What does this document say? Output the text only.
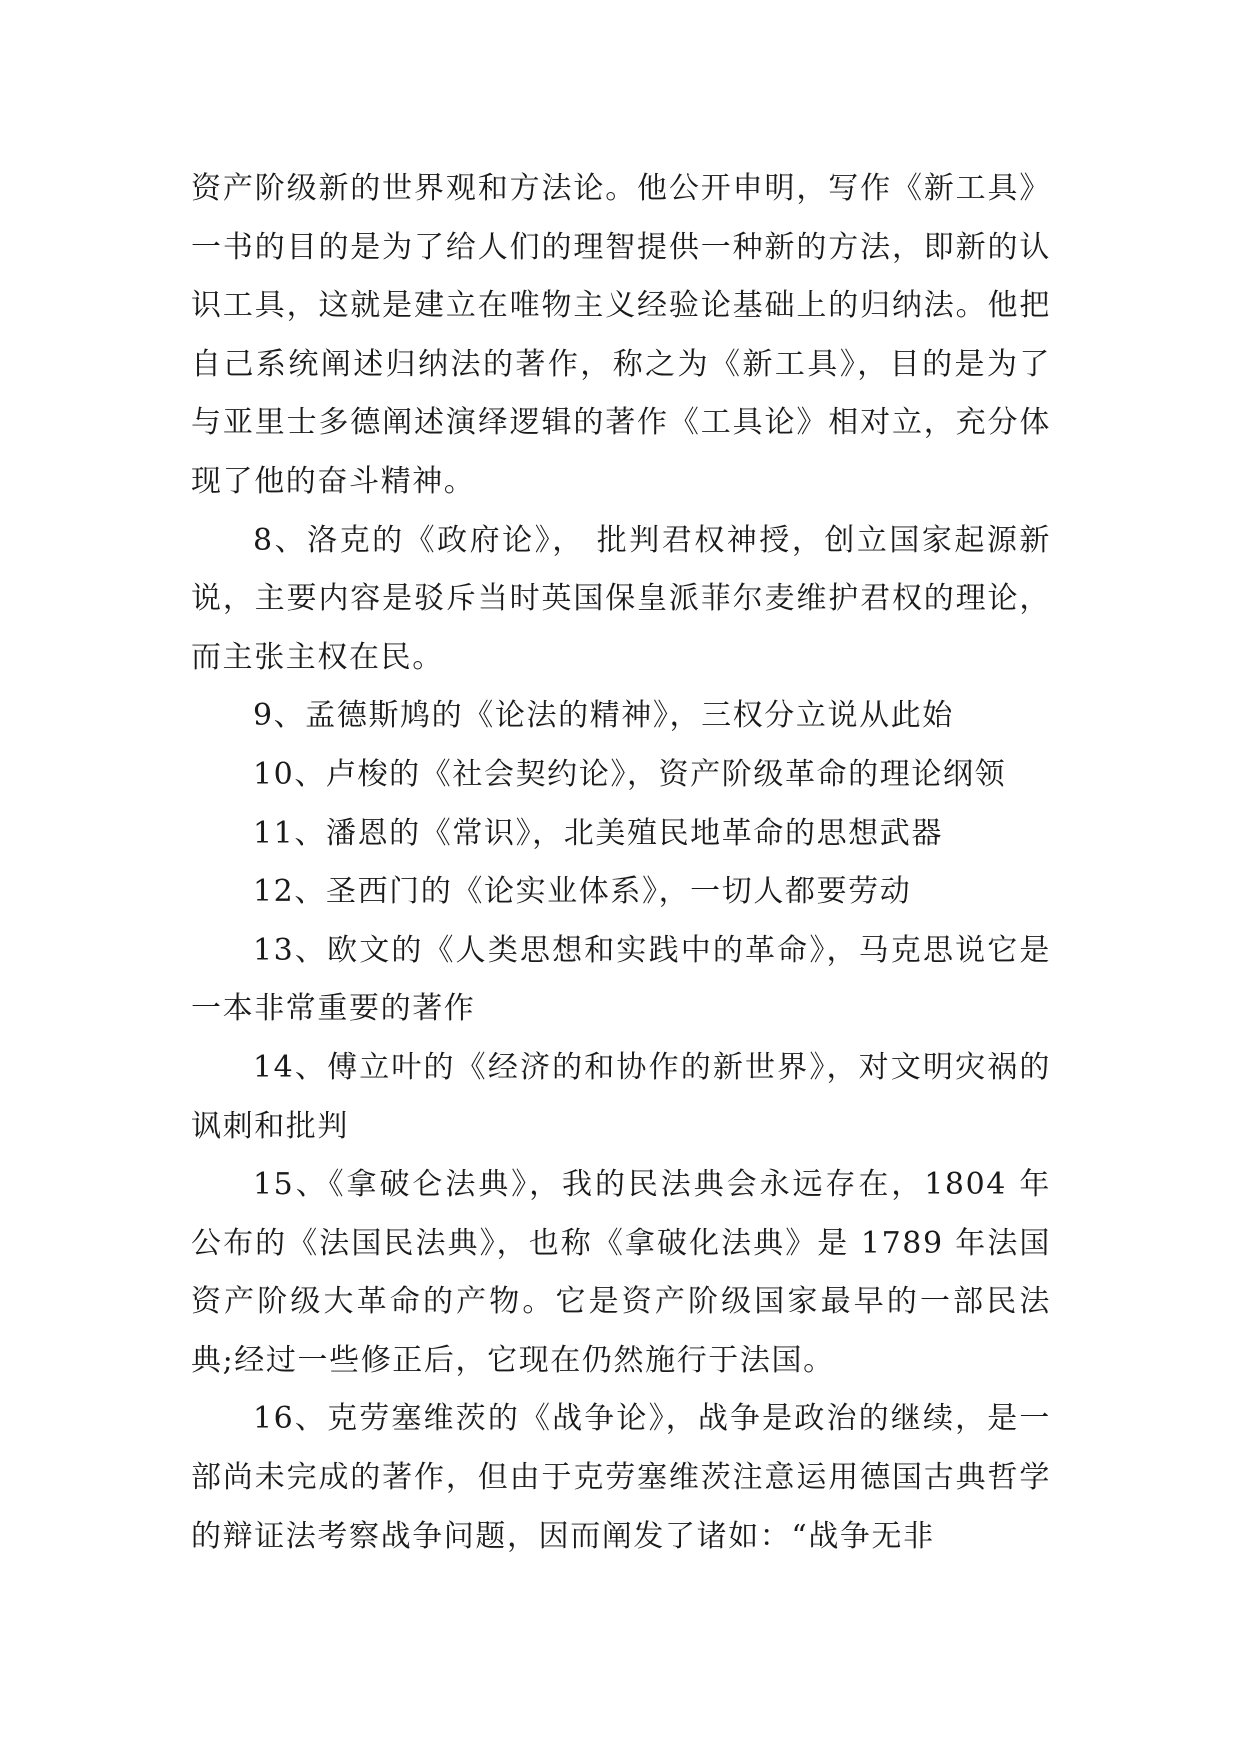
资产阶级新的世界观和方法论。他公开申明，写作《新工具》一书的目的是为了给人们的理智提供一种新的方法，即新的认识工具，这就是建立在唯物主义经验论基础上的归纳法。他把自己系统阐述归纳法的著作，称之为《新工具》，目的是为了与亚里士多德阐述演绎逻辑的著作《工具论》相对立，充分体现了他的奋斗精神。

8、洛克的《政府论》， 批判君权神授，创立国家起源新说，主要内容是驳斥当时英国保皇派菲尔麦维护君权的理论，而主张主权在民。

9、孟德斯鸠的《论法的精神》，三权分立说从此始

10、卢梭的《社会契约论》，资产阶级革命的理论纲领

11、潘恩的《常识》，北美殖民地革命的思想武器

12、圣西门的《论实业体系》，一切人都要劳动

13、欧文的《人类思想和实践中的革命》，马克思说它是一本非常重要的著作

14、傅立叶的《经济的和协作的新世界》，对文明灾祸的讽刺和批判

15、《拿破仑法典》，我的民法典会永远存在，1804 年公布的《法国民法典》，也称《拿破化法典》是 1789 年法国资产阶级大革命的产物。它是资产阶级国家最早的一部民法典;经过一些修正后，它现在仍然施行于法国。

16、克劳塞维茨的《战争论》，战争是政治的继续，是一部尚未完成的著作，但由于克劳塞维茨注意运用德国古典哲学的辩证法考察战争问题，因而阐发了诸如：“战争无非
